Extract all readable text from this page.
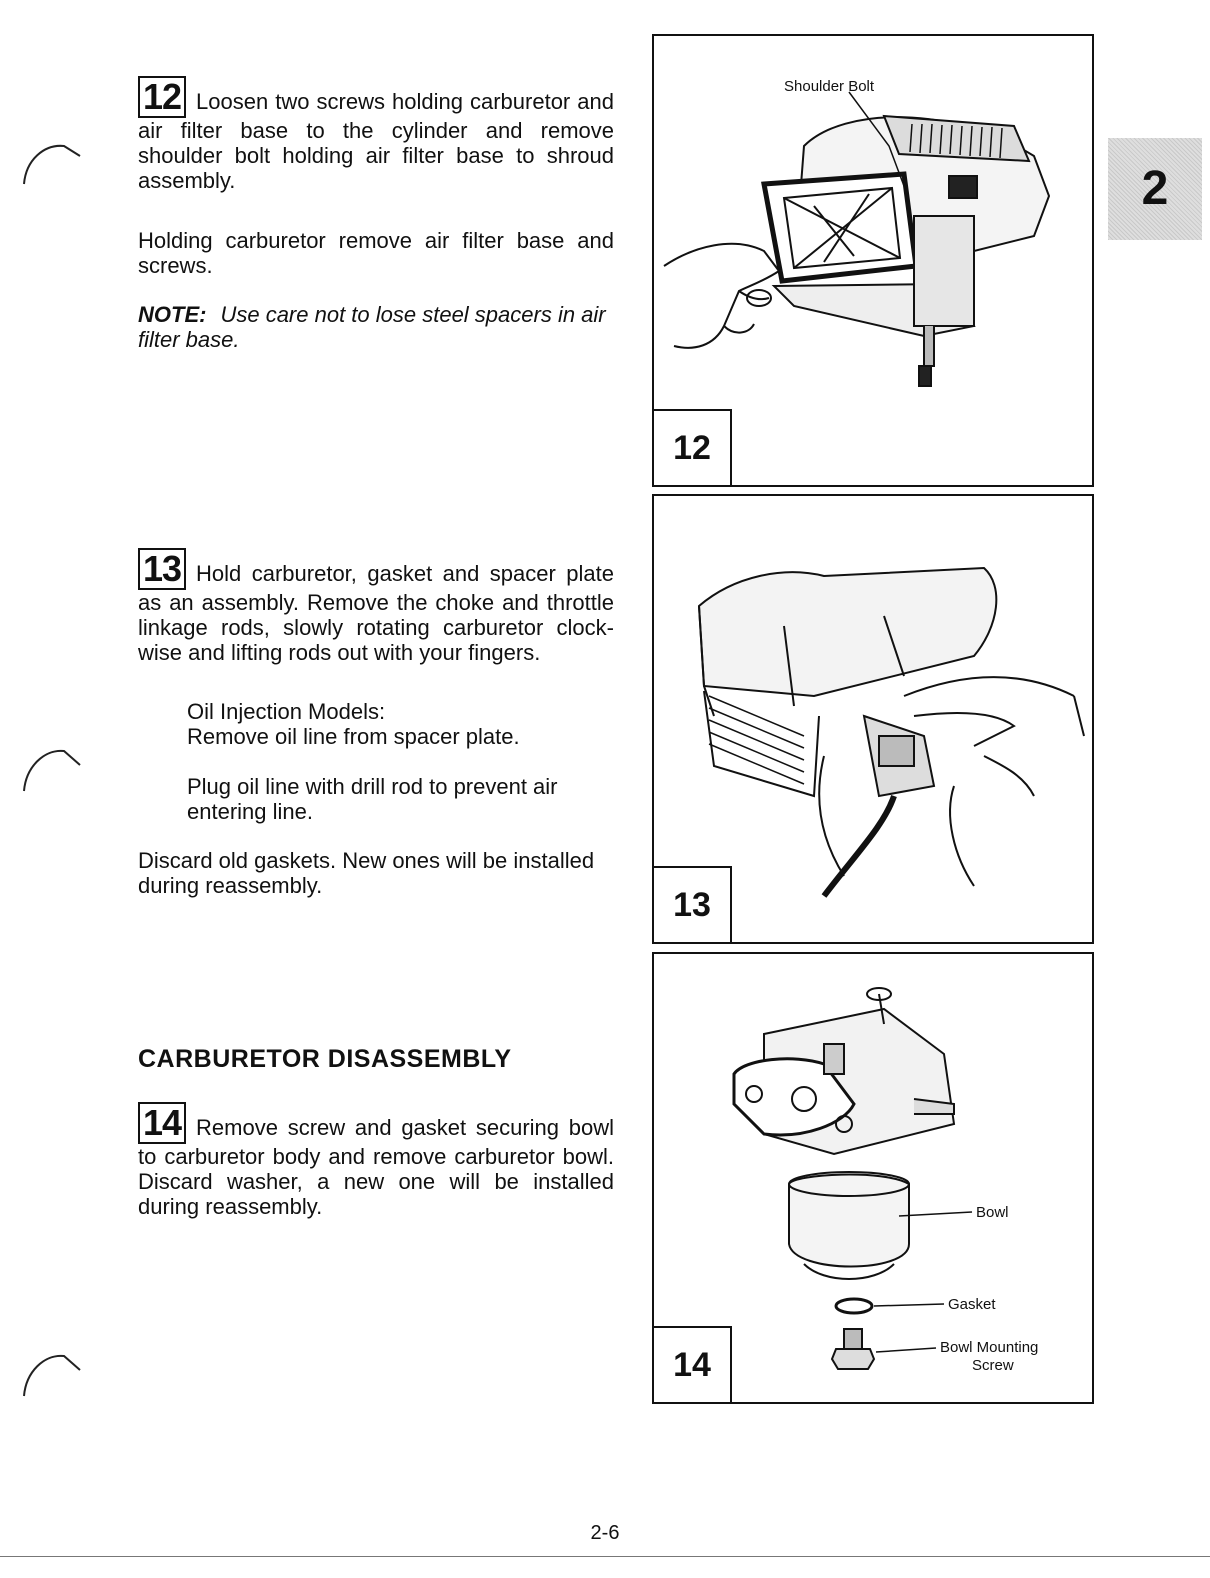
2
12 Loosen two screws holding carburetor and air filter base to the cylinder and remove shoulder bolt holding air filter base to shroud assembly.
Holding carburetor remove air filter base and screws.
NOTE: Use care not to lose steel spacers in air filter base.
Shoulder Bolt
12
13 Hold carburetor, gasket and spacer plate as an assembly. Remove the choke and throttle linkage rods, slowly rotating carburetor clock-wise and lifting rods out with your fingers.
Oil Injection Models:
Remove oil line from spacer plate.
Plug oil line with drill rod to prevent air entering line.
Discard old gaskets. New ones will be installed during reassembly.
13
CARBURETOR DISASSEMBLY
14 Remove screw and gasket securing bowl to carburetor body and remove carburetor bowl. Discard washer, a new one will be installed during reassembly.	Bowl
Gasket
Bowl Mounting
Screw
14
2-6
